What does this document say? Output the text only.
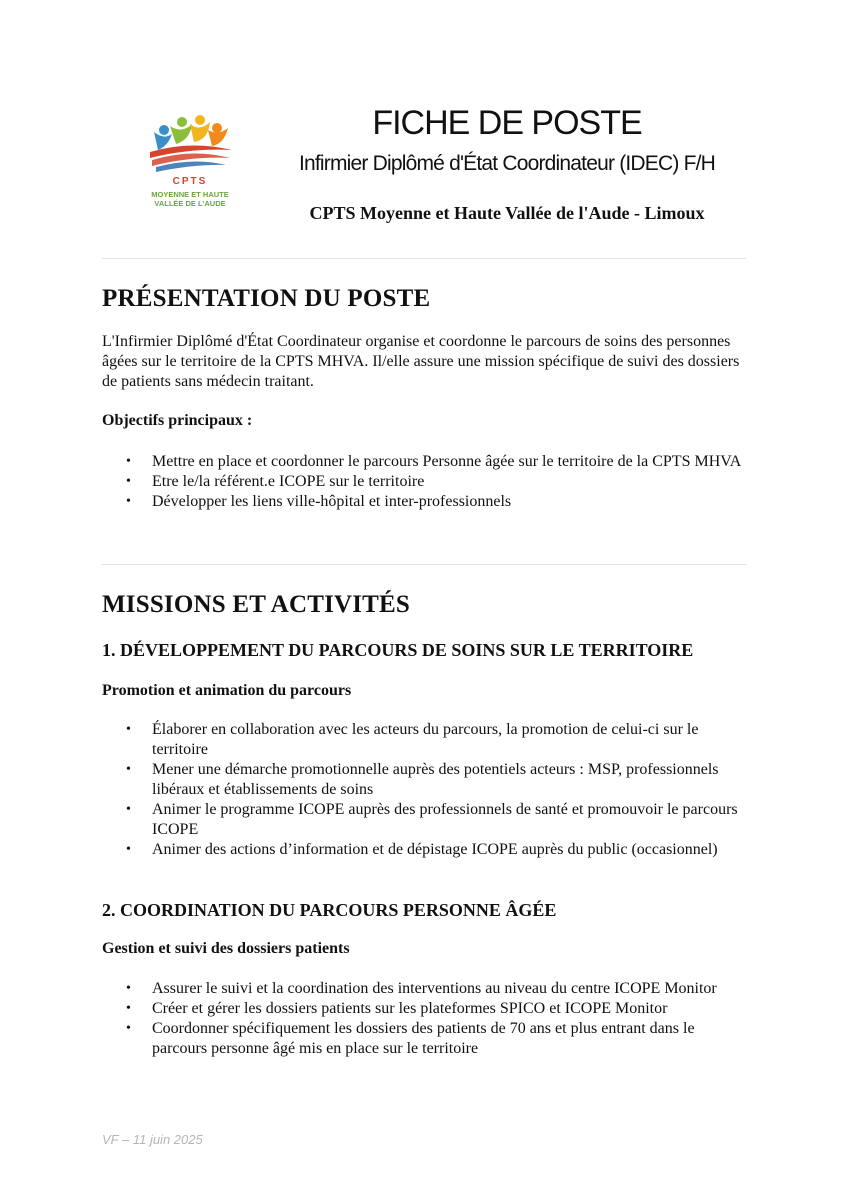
CPTS
MOYENNE ET HAUTE
VALLÉE DE L'AUDE
FICHE DE POSTE
Infirmier Diplômé d'État Coordinateur (IDEC) F/H
CPTS Moyenne et Haute Vallée de l'Aude - Limoux
PRÉSENTATION DU POSTE

L'Infirmier Diplômé d'État Coordinateur organise et coordonne le parcours de soins des personnes âgées sur le territoire de la CPTS MHVA. Il/elle assure une mission spécifique de suivi des dossiers de patients sans médecin traitant.

Objectifs principaux :
• Mettre en place et coordonner le parcours Personne âgée sur le territoire de la CPTS MHVA
• Etre le/la référent.e ICOPE sur le territoire
• Développer les liens ville-hôpital et inter-professionnels
MISSIONS ET ACTIVITÉS
1. DÉVELOPPEMENT DU PARCOURS DE SOINS SUR LE TERRITOIRE
Promotion et animation du parcours
• Élaborer en collaboration avec les acteurs du parcours, la promotion de celui-ci sur le territoire
• Mener une démarche promotionnelle auprès des potentiels acteurs : MSP, professionnels libéraux et établissements de soins
• Animer le programme ICOPE auprès des professionnels de santé et promouvoir le parcours ICOPE
• Animer des actions d’information et de dépistage ICOPE auprès du public (occasionnel)
2. COORDINATION DU PARCOURS PERSONNE ÂGÉE
Gestion et suivi des dossiers patients
• Assurer le suivi et la coordination des interventions au niveau du centre ICOPE Monitor
• Créer et gérer les dossiers patients sur les plateformes SPICO et ICOPE Monitor
• Coordonner spécifiquement les dossiers des patients de 70 ans et plus entrant dans le parcours personne âgé mis en place sur le territoire
VF – 11 juin 2025
